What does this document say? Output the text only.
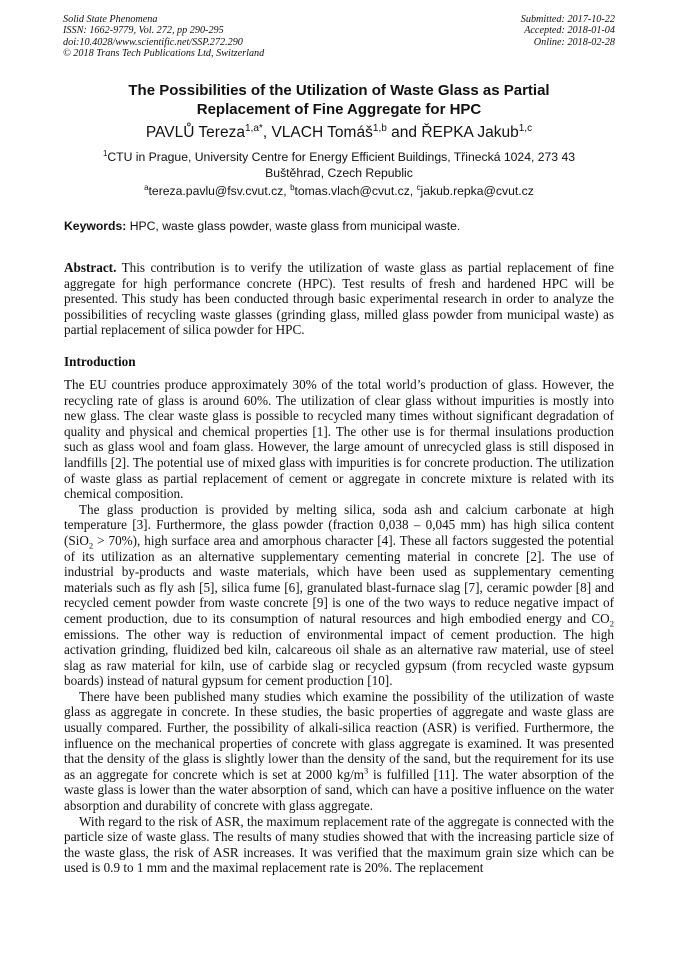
Solid State Phenomena
ISSN: 1662-9779, Vol. 272, pp 290-295
doi:10.4028/www.scientific.net/SSP.272.290
© 2018 Trans Tech Publications Ltd, Switzerland
Submitted: 2017-10-22
Accepted: 2018-01-04
Online: 2018-02-28
The Possibilities of the Utilization of Waste Glass as Partial
Replacement of Fine Aggregate for HPC
PAVLŮ Tereza$^{1,a*}$, VLACH Tomáš$^{1,b}$ and ŘEPKA Jakub$^{1,c}$
$^1$CTU in Prague, University Centre for Energy Efficient Buildings, Třinecká 1024, 273 43
Buštěhrad, Czech Republic
$^a$tereza.pavlu@fsv.cvut.cz, $^b$tomas.vlach@cvut.cz, $^c$jakub.repka@cvut.cz
Keywords: HPC, waste glass powder, waste glass from municipal waste.
Abstract. This contribution is to verify the utilization of waste glass as partial replacement of fine aggregate for high performance concrete (HPC). Test results of fresh and hardened HPC will be presented. This study has been conducted through basic experimental research in order to analyze the possibilities of recycling waste glasses (grinding glass, milled glass powder from municipal waste) as partial replacement of silica powder for HPC.
Introduction

The EU countries produce approximately 30% of the total world’s production of glass. However, the recycling rate of glass is around 60%. The utilization of clear glass without impurities is mostly into new glass. The clear waste glass is possible to recycled many times without significant degradation of quality and physical and chemical properties [1]. The other use is for thermal insulations production such as glass wool and foam glass. However, the large amount of unrecycled glass is still disposed in landfills [2]. The potential use of mixed glass with impurities is for concrete production. The utilization of waste glass as partial replacement of cement or aggregate in concrete mixture is related with its chemical composition.

The glass production is provided by melting silica, soda ash and calcium carbonate at high temperature [3]. Furthermore, the glass powder (fraction 0,038 – 0,045 mm) has high silica content (SiO$_2$ > 70%), high surface area and amorphous character [4]. These all factors suggested the potential of its utilization as an alternative supplementary cementing material in concrete [2]. The use of industrial by-products and waste materials, which have been used as supplementary cementing materials such as fly ash [5], silica fume [6], granulated blast-furnace slag [7], ceramic powder [8] and recycled cement powder from waste concrete [9] is one of the two ways to reduce negative impact of cement production, due to its consumption of natural resources and high embodied energy and $CO_2$ emissions. The other way is reduction of environmental impact of cement production. The high activation grinding, fluidized bed kiln, calcareous oil shale as an alternative raw material, use of steel slag as raw material for kiln, use of carbide slag or recycled gypsum (from recycled waste gypsum boards) instead of natural gypsum for cement production [10].

There have been published many studies which examine the possibility of the utilization of waste glass as aggregate in concrete. In these studies, the basic properties of aggregate and waste glass are usually compared. Further, the possibility of alkali-silica reaction (ASR) is verified. Furthermore, the influence on the mechanical properties of concrete with glass aggregate is examined. It was presented that the density of the glass is slightly lower than the density of the sand, but the requirement for its use as an aggregate for concrete which is set at 2000 $kg/m^3$ is fulfilled [11]. The water absorption of the waste glass is lower than the water absorption of sand, which can have a positive influence on the water absorption and durability of concrete with glass aggregate.

With regard to the risk of ASR, the maximum replacement rate of the aggregate is connected with the particle size of waste glass. The results of many studies showed that with the increasing particle size of the waste glass, the risk of ASR increases. It was verified that the maximum grain size which can be used is 0.9 to 1 mm and the maximal replacement rate is 20%. The replacement
